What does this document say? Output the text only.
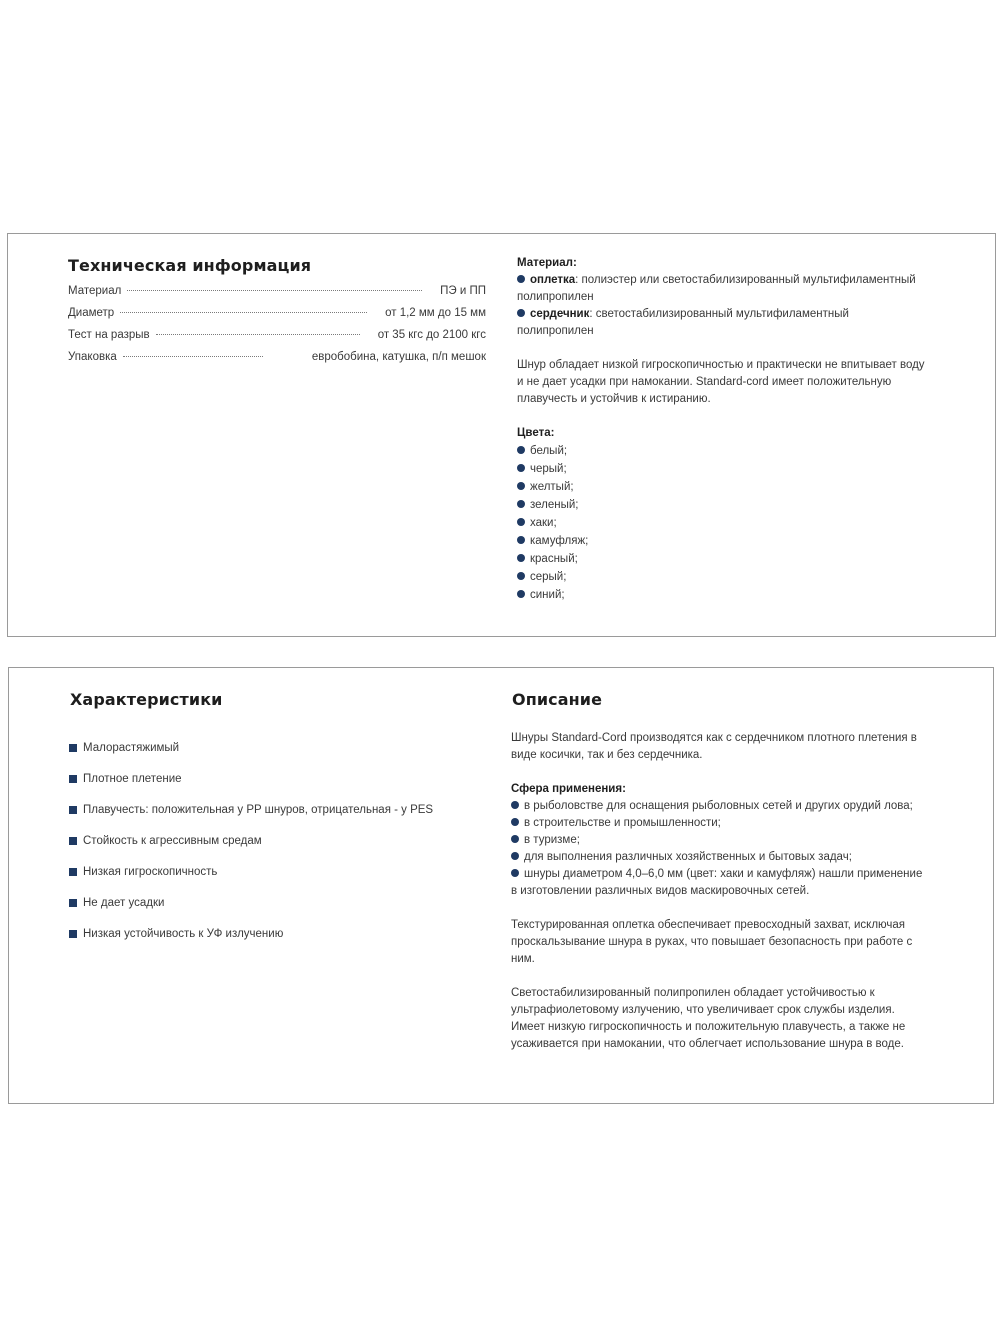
Техническая информация
Материал	ПЭ и ПП
Диаметр	от 1,2 мм до 15 мм
Тест на разрыв	от 35 кгс до 2100 кгс
Упаковка	евробобина, катушка, п/п мешок
Материал:
оплетка: полиэстер или светостабилизированный мультифиламентный полипропилен
сердечник: светостабилизированный мультифиламентный полипропилен

Шнур обладает низкой гигроскопичностью и практически не впитывает воду и не дает усадки при намокании. Standard-cord имеет положительную плавучесть и устойчив к истиранию.

Цвета:
белый;
черый;
желтый;
зеленый;
хаки;
камуфляж;
красный;
серый;
синий;
Характеристики
Малорастяжимый
Плотное плетение
Плавучесть: положительная у PP шнуров, отрицательная - у PES
Стойкость к агрессивным средам
Низкая гигроскопичность
Не дает усадки
Низкая устойчивость к УФ излучению
Описание

Шнуры Standard-Cord производятся как с сердечником плотного плетения в виде косички, так и без сердечника.

Сфера применения:
в рыболовстве для оснащения рыболовных сетей и других орудий лова;
в строительстве и промышленности;
в туризме;
для выполнения различных хозяйственных и бытовых задач;
шнуры диаметром 4,0–6,0 мм (цвет: хаки и камуфляж) нашли применение в изготовлении различных видов маскировочных сетей.

Текстурированная оплетка обеспечивает превосходный захват, исключая проскальзывание шнура в руках, что повышает безопасность при работе с ним.

Светостабилизированный полипропилен обладает устойчивостью к ультрафиолетовому излучению, что увеличивает срок службы изделия. Имеет низкую гигроскопичность и положительную плавучесть, а также не усаживается при намокании, что облегчает использование шнура в воде.
